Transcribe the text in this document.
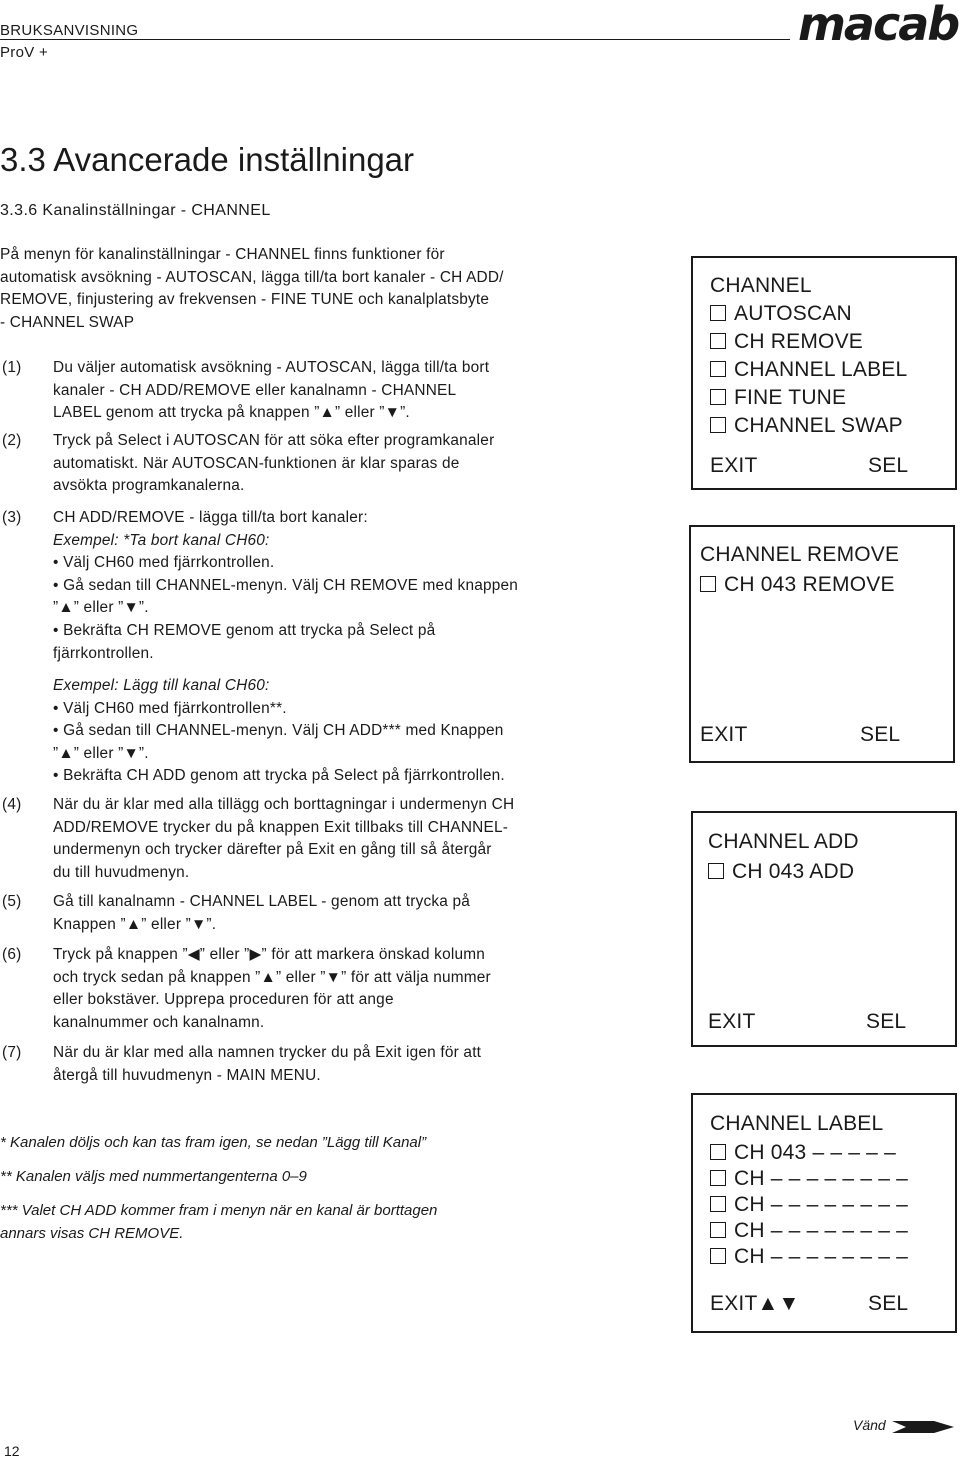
BRUKSANVISNING
ProV +
macab
3.3 Avancerade inställningar
3.3.6 Kanalinställningar - CHANNEL
På menyn för kanalinställningar - CHANNEL finns funktioner för
automatisk avsökning - AUTOSCAN, lägga till/ta bort kanaler - CH ADD/
REMOVE, finjustering av frekvensen - FINE TUNE och kanalplatsbyte
- CHANNEL SWAP
(1) Du väljer automatisk avsökning - AUTOSCAN, lägga till/ta bort
kanaler - CH ADD/REMOVE eller kanalnamn - CHANNEL
LABEL genom att trycka på knappen ”▲” eller ”▼”.
(2) Tryck på Select i AUTOSCAN för att söka efter programkanaler
automatiskt. När AUTOSCAN-funktionen är klar sparas de
avsökta programkanalerna.
(3) CH ADD/REMOVE - lägga till/ta bort kanaler:
Exempel: *Ta bort kanal CH60:
• Välj CH60 med fjärrkontrollen.
• Gå sedan till CHANNEL-menyn. Välj CH REMOVE med knappen
”▲” eller ”▼”.
• Bekräfta CH REMOVE genom att trycka på Select på
fjärrkontrollen.
Exempel: Lägg till kanal CH60:
• Välj CH60 med fjärrkontrollen**.
• Gå sedan till CHANNEL-menyn. Välj CH ADD*** med Knappen
”▲” eller ”▼”.
• Bekräfta CH ADD genom att trycka på Select på fjärrkontrollen.
(4) När du är klar med alla tillägg och borttagningar i undermenyn CH
ADD/REMOVE trycker du på knappen Exit tillbaks till CHANNEL-
undermenyn och trycker därefter på Exit en gång till så återgår
du till huvudmenyn.
(5) Gå till kanalnamn - CHANNEL LABEL - genom att trycka på
Knappen ”▲” eller ”▼”.
(6) Tryck på knappen ”◀” eller ”▶” för att markera önskad kolumn
och tryck sedan på knappen ”▲” eller ”▼” för att välja nummer
eller bokstäver. Upprepa proceduren för att ange
kanalnummer och kanalnamn.
(7) När du är klar med alla namnen trycker du på Exit igen för att
återgå till huvudmenyn - MAIN MENU.
* Kanalen döljs och kan tas fram igen, se nedan ”Lägg till Kanal”
** Kanalen väljs med nummertangenterna 0–9
*** Valet CH ADD kommer fram i menyn när en kanal är borttagen
annars visas CH REMOVE.
CHANNEL
AUTOSCAN
CH REMOVE
CHANNEL LABEL
FINE TUNE
CHANNEL SWAP
EXIT	SEL
CHANNEL REMOVE
CH 043 REMOVE
EXIT	SEL
CHANNEL ADD
CH 043 ADD
EXIT	SEL
CHANNEL LABEL
CH 043 – – – – –
CH – – – – – – – –
CH – – – – – – – –
CH – – – – – – – –
CH – – – – – – – –
EXIT▲▼	SEL
Vänd
12
